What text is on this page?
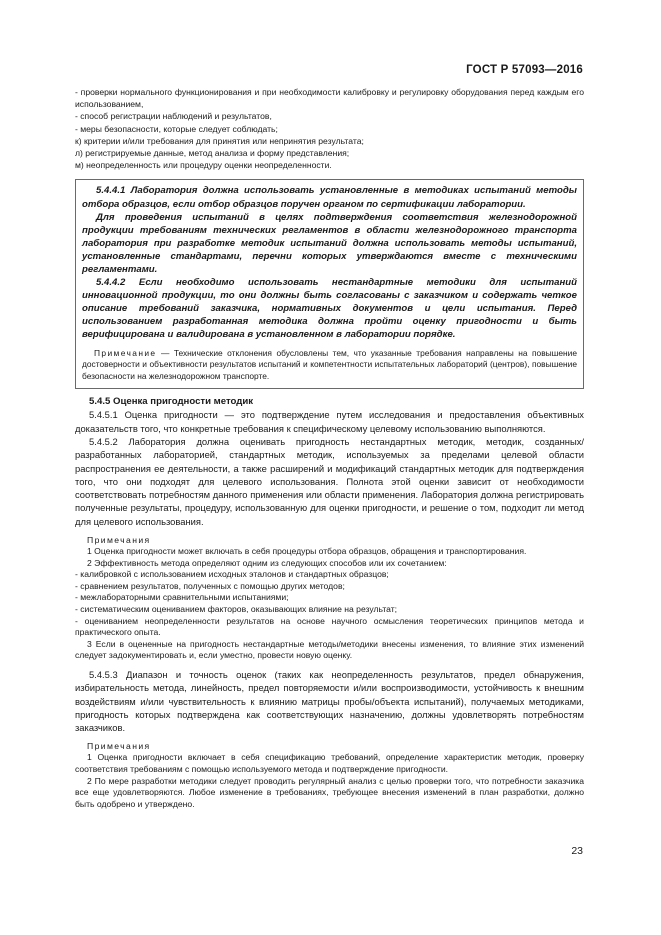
ГОСТ Р 57093—2016

- проверки нормального функционирования и при необходимости калибровку и регулировку оборудования перед каждым его использованием,

- способ регистрации наблюдений и результатов,

- меры безопасности, которые следует соблюдать;

к) критерии и/или требования для принятия или непринятия результата;

л) регистрируемые данные, метод анализа и форму представления;

м) неопределенность или процедуру оценки неопределенности.

5.4.4.1 Лаборатория должна использовать установленные в методиках испытаний методы отбора образцов, если отбор образцов поручен органом по сертификации лаборатории.

Для проведения испытаний в целях подтверждения соответствия железнодорожной продукции требованиям технических регламентов в области железнодорожного транспорта лаборатория при разработке методик испытаний должна использовать методы испытаний, установленные стандартами, перечни которых утверждаются вместе с техническими регламентами.

5.4.4.2 Если необходимо использовать нестандартные методики для испытаний инновационной продукции, то они должны быть согласованы с заказчиком и содержать четкое описание требований заказчика, нормативных документов и цели испытания. Перед использованием разработанная методика должна пройти оценку пригодности и быть верифицирована и валидирована в установленном в лаборатории порядке.

Примечание — Технические отклонения обусловлены тем, что указанные требования направлены на повышение достоверности и объективности результатов испытаний и компетентности испытательных лабораторий (центров), повышение безопасности на железнодорожном транспорте.

5.4.5 Оценка пригодности методик

5.4.5.1 Оценка пригодности — это подтверждение путем исследования и предоставления объективных доказательств того, что конкретные требования к специфическому целевому использованию выполняются.

5.4.5.2 Лаборатория должна оценивать пригодность нестандартных методик, методик, созданных/разработанных лабораторией, стандартных методик, используемых за пределами целевой области распространения ее деятельности, а также расширений и модификаций стандартных методик для подтверждения того, что они подходят для целевого использования. Полнота этой оценки зависит от необходимости соответствовать потребностям данного применения или области применения. Лаборатория должна регистрировать полученные результаты, процедуру, использованную для оценки пригодности, и решение о том, подходит ли метод для целевого использования.

Примечания

1 Оценка пригодности может включать в себя процедуры отбора образцов, обращения и транспортирования.

2 Эффективность метода определяют одним из следующих способов или их сочетанием:

- калибровкой с использованием исходных эталонов и стандартных образцов;

- сравнением результатов, полученных с помощью других методов;

- межлабораторными сравнительными испытаниями;

- систематическим оцениванием факторов, оказывающих влияние на результат;

- оцениванием неопределенности результатов на основе научного осмысления теоретических принципов метода и практического опыта.

3 Если в оцененные на пригодность нестандартные методы/методики внесены изменения, то влияние этих изменений следует задокументировать и, если уместно, провести новую оценку.

5.4.5.3 Диапазон и точность оценок (таких как неопределенность результатов, предел обнаружения, избирательность метода, линейность, предел повторяемости и/или воспроизводимости, устойчивость к внешним воздействиям и/или чувствительность к влиянию матрицы пробы/объекта испытаний), получаемых методиками, пригодность которых подтверждена как соответствующих назначению, должны удовлетворять потребностям заказчиков.

Примечания

1 Оценка пригодности включает в себя спецификацию требований, определение характеристик методик, проверку соответствия требованиям с помощью используемого метода и подтверждение пригодности.

2 По мере разработки методики следует проводить регулярный анализ с целью проверки того, что потребности заказчика все еще удовлетворяются. Любое изменение в требованиях, требующее внесения изменений в план разработки, должно быть одобрено и утверждено.

23
